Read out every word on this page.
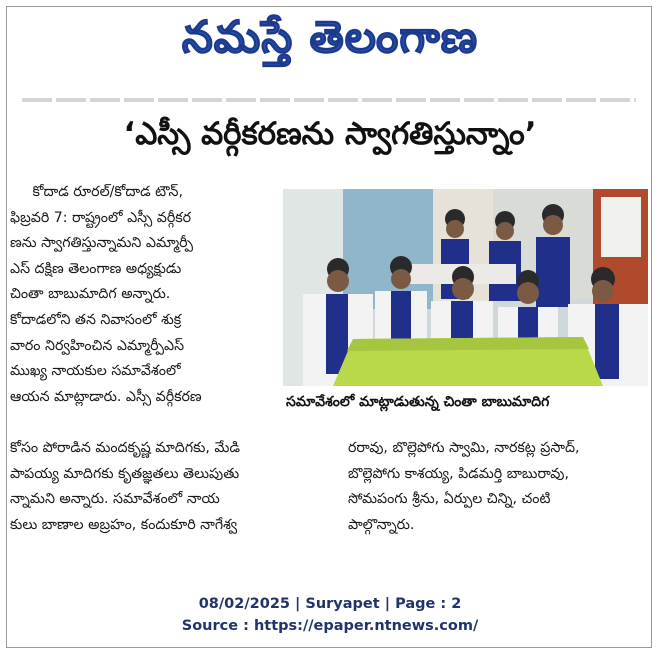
నమస్తే తెలంగాణ
‘ఎస్సీ వర్గీకరణను స్వాగతిస్తున్నాం’

కోదాడ రూరల్/కోదాడ టౌన్,

ఫిబ్రవరి 7: రాష్ట్రంలో ఎస్సీ వర్గీకర

ణను స్వాగతిస్తున్నామని ఎమ్మార్పీ

ఎస్ దక్షిణ తెలంగాణ అధ్యక్షుడు

చింతా బాబుమాదిగ అన్నారు.

కోదాడలోని తన నివాసంలో శుక్ర

వారం నిర్వహించిన ఎమ్మార్పీఎస్

ముఖ్య నాయకుల సమావేశంలో

ఆయన మాట్లాడారు. ఎస్సీ వర్గీకరణ	సమావేశంలో మాట్లాడుతున్న చింతా బాబుమాదిగ

కోసం పోరాడిన మందకృష్ణ మాదిగకు, మేడి

పాపయ్య మాదిగకు కృతజ్ఞతలు తెలుపుతు

న్నామని అన్నారు. సమావేశంలో నాయ

కులు బాణాల అబ్రహం, కందుకూరి నాగేశ్వ

రరావు, బొల్లెపోగు స్వామి, నారకట్ల ప్రసాద్,

బొల్లెపోగు కాశయ్య, పిడమర్తి బాబురావు,

సోమపంగు శ్రీను, ఏర్పుల చిన్ని, చంటి

పాల్గొన్నారు.

08/02/2025 | Suryapet | Page : 2
Source : https://epaper.ntnews.com/
